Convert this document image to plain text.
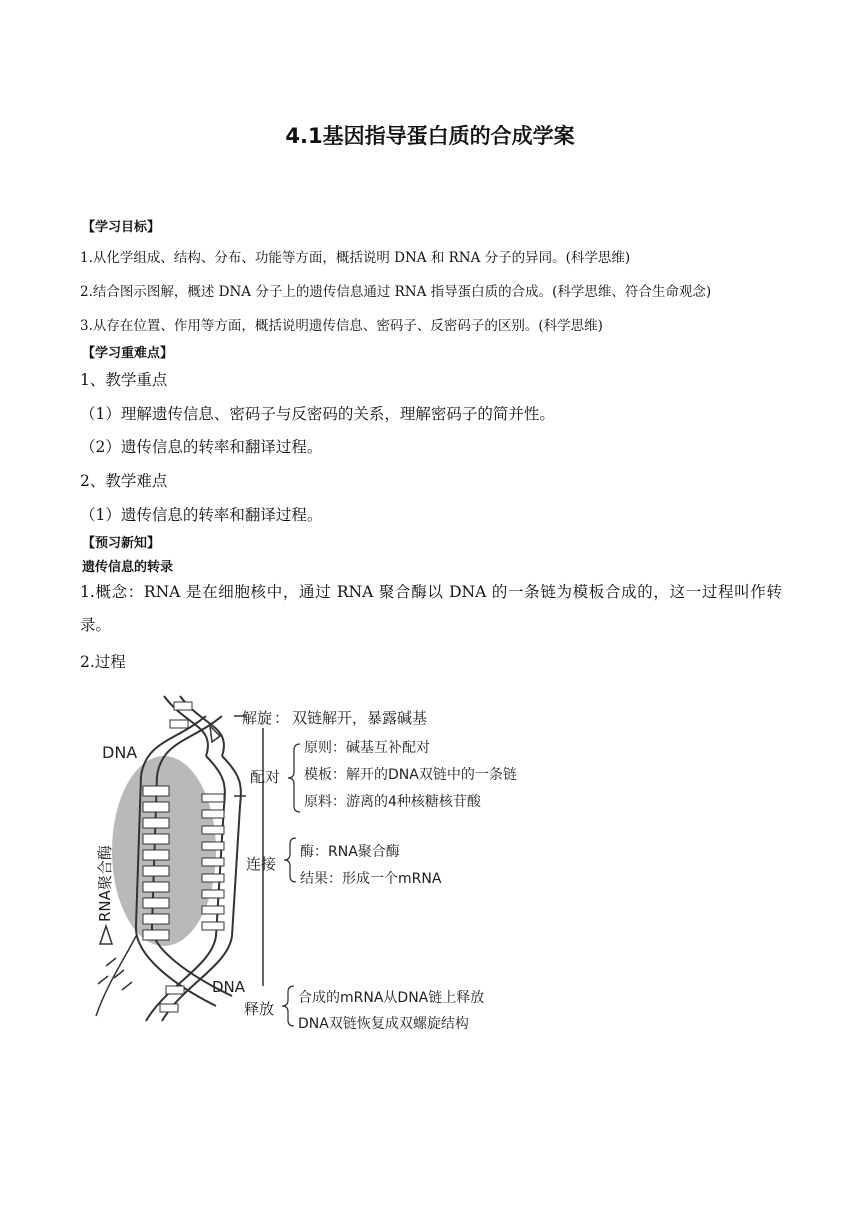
4.1基因指导蛋白质的合成学案
【学习目标】
1.从化学组成、结构、分布、功能等方面，概括说明 DNA 和 RNA 分子的异同。(科学思维)
2.结合图示图解，概述 DNA 分子上的遗传信息通过 RNA 指导蛋白质的合成。(科学思维、符合生命观念)
3.从存在位置、作用等方面，概括说明遗传信息、密码子、反密码子的区别。(科学思维)
【学习重难点】
1、教学重点
（1）理解遗传信息、密码子与反密码的关系，理解密码子的简并性。
（2）遗传信息的转率和翻译过程。
2、教学难点
（1）遗传信息的转率和翻译过程。
【预习新知】
遗传信息的转录
1.概念：RNA 是在细胞核中，通过 RNA 聚合酶以 DNA 的一条链为模板合成的，这一过程叫作转录。
2.过程
DNA
DNA
RNA聚合酶
解旋 ： 双链解开，暴露碱基
配对
原则：碱基互补配对
模板：解开的DNA双链中的一条链
原料：游离的4种核糖核苷酸
连接
酶：RNA聚合酶
结果：形成一个mRNA
释放
合成的mRNA从DNA链上释放
DNA双链恢复成双螺旋结构
